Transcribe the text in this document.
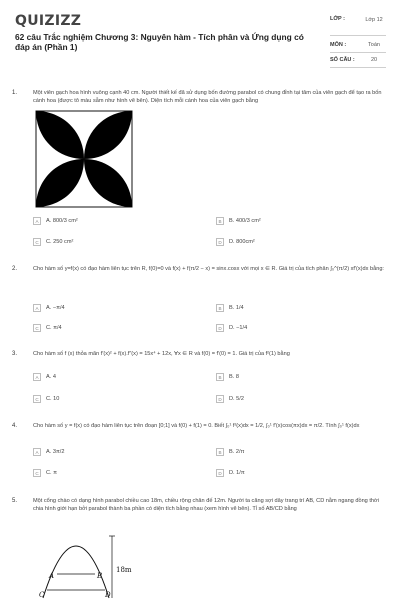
QUIZIZZ
62 câu Trắc nghiệm Chương 3: Nguyên hàm - Tích phân và Ứng dụng có đáp án (Phần 1)
LỚP :	Lớp 12
MÔN :	Toán
SỐ CÂU :	20
1.	Một viên gạch hoa hình vuông cạnh 40 cm. Người thiết kế đã sử dụng bốn đường parabol có chung đỉnh tại tâm của viên gạch để tạo ra bốn cánh hoa (được tô màu sẫm như hình vẽ bên). Diện tích mỗi cánh hoa của viên gạch bằng
A	A. 800/3 cm²	B	B. 400/3 cm²
C	C. 250 cm²	D	D. 800cm²
2.	Cho hàm số y=f(x) có đạo hàm liên tục trên R, f(0)=0 và f(x) + f(π/2 − x) = sinx.cosx với mọi x ∈ R. Giá trị của tích phân ∫₀^(π/2) xf′(x)dx bằng:
A	A. −π/4	B	B. 1/4
C	C. π/4	D	D. −1/4
3.	Cho hàm số f (x) thỏa mãn f′(x)² + f(x).f″(x) = 15x⁴ + 12x, ∀x ∈ R và f(0) = f′(0) = 1. Giá trị của f²(1) bằng
A	A. 4	B	B. 8
C	C. 10	D	D. 5/2
4.	Cho hàm số y = f(x) có đạo hàm liên tục trên đoạn [0;1] và f(0) + f(1) = 0. Biết ∫₀¹ f²(x)dx = 1/2, ∫₀¹ f′(x)cos(πx)dx = π/2. Tính ∫₀¹ f(x)dx
A	A. 3π/2	B	B. 2/π
C	C. π	D	D. 1/π
5.	Một cổng chào có dạng hình parabol chiều cao 18m, chiều rộng chân đế 12m. Người ta căng sợi dây trang trí AB, CD nằm ngang đồng thời chia hình giới hạn bởi parabol thành ba phần có diện tích bằng nhau (xem hình vẽ bên). Tỉ số AB/CD bằng
A	B
C	D
18m
